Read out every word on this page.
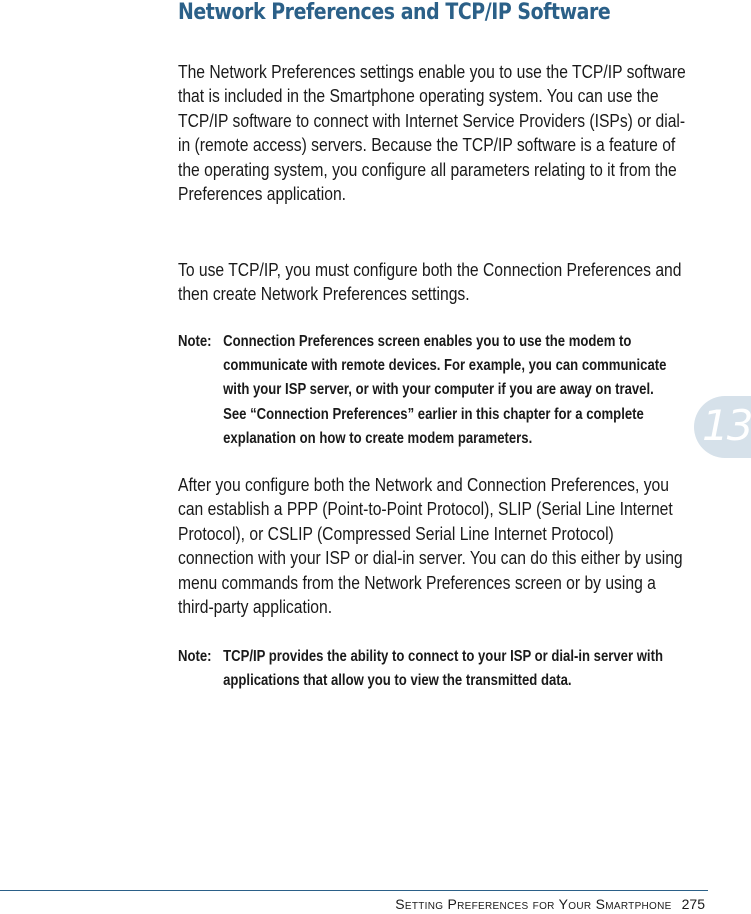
Network Preferences and TCP/IP Software

The Network Preferences settings enable you to use the TCP/IP software that is included in the Smartphone operating system. You can use the TCP/IP software to connect with Internet Service Providers (ISPs) or dial-in (remote access) servers. Because the TCP/IP software is a feature of the operating system, you configure all parameters relating to it from the Preferences application.

To use TCP/IP, you must configure both the Connection Preferences and then create Network Preferences settings.

Note: Connection Preferences screen enables you to use the modem to communicate with remote devices. For example, you can communicate with your ISP server, or with your computer if you are away on travel. See “Connection Preferences” earlier in this chapter for a complete explanation on how to create modem parameters.

After you configure both the Network and Connection Preferences, you can establish a PPP (Point-to-Point Protocol), SLIP (Serial Line Internet Protocol), or CSLIP (Compressed Serial Line Internet Protocol) connection with your ISP or dial-in server. You can do this either by using menu commands from the Network Preferences screen or by using a third-party application.

Note: TCP/IP provides the ability to connect to your ISP or dial-in server with applications that allow you to view the transmitted data.
13
Setting Preferences for Your Smartphone 275
